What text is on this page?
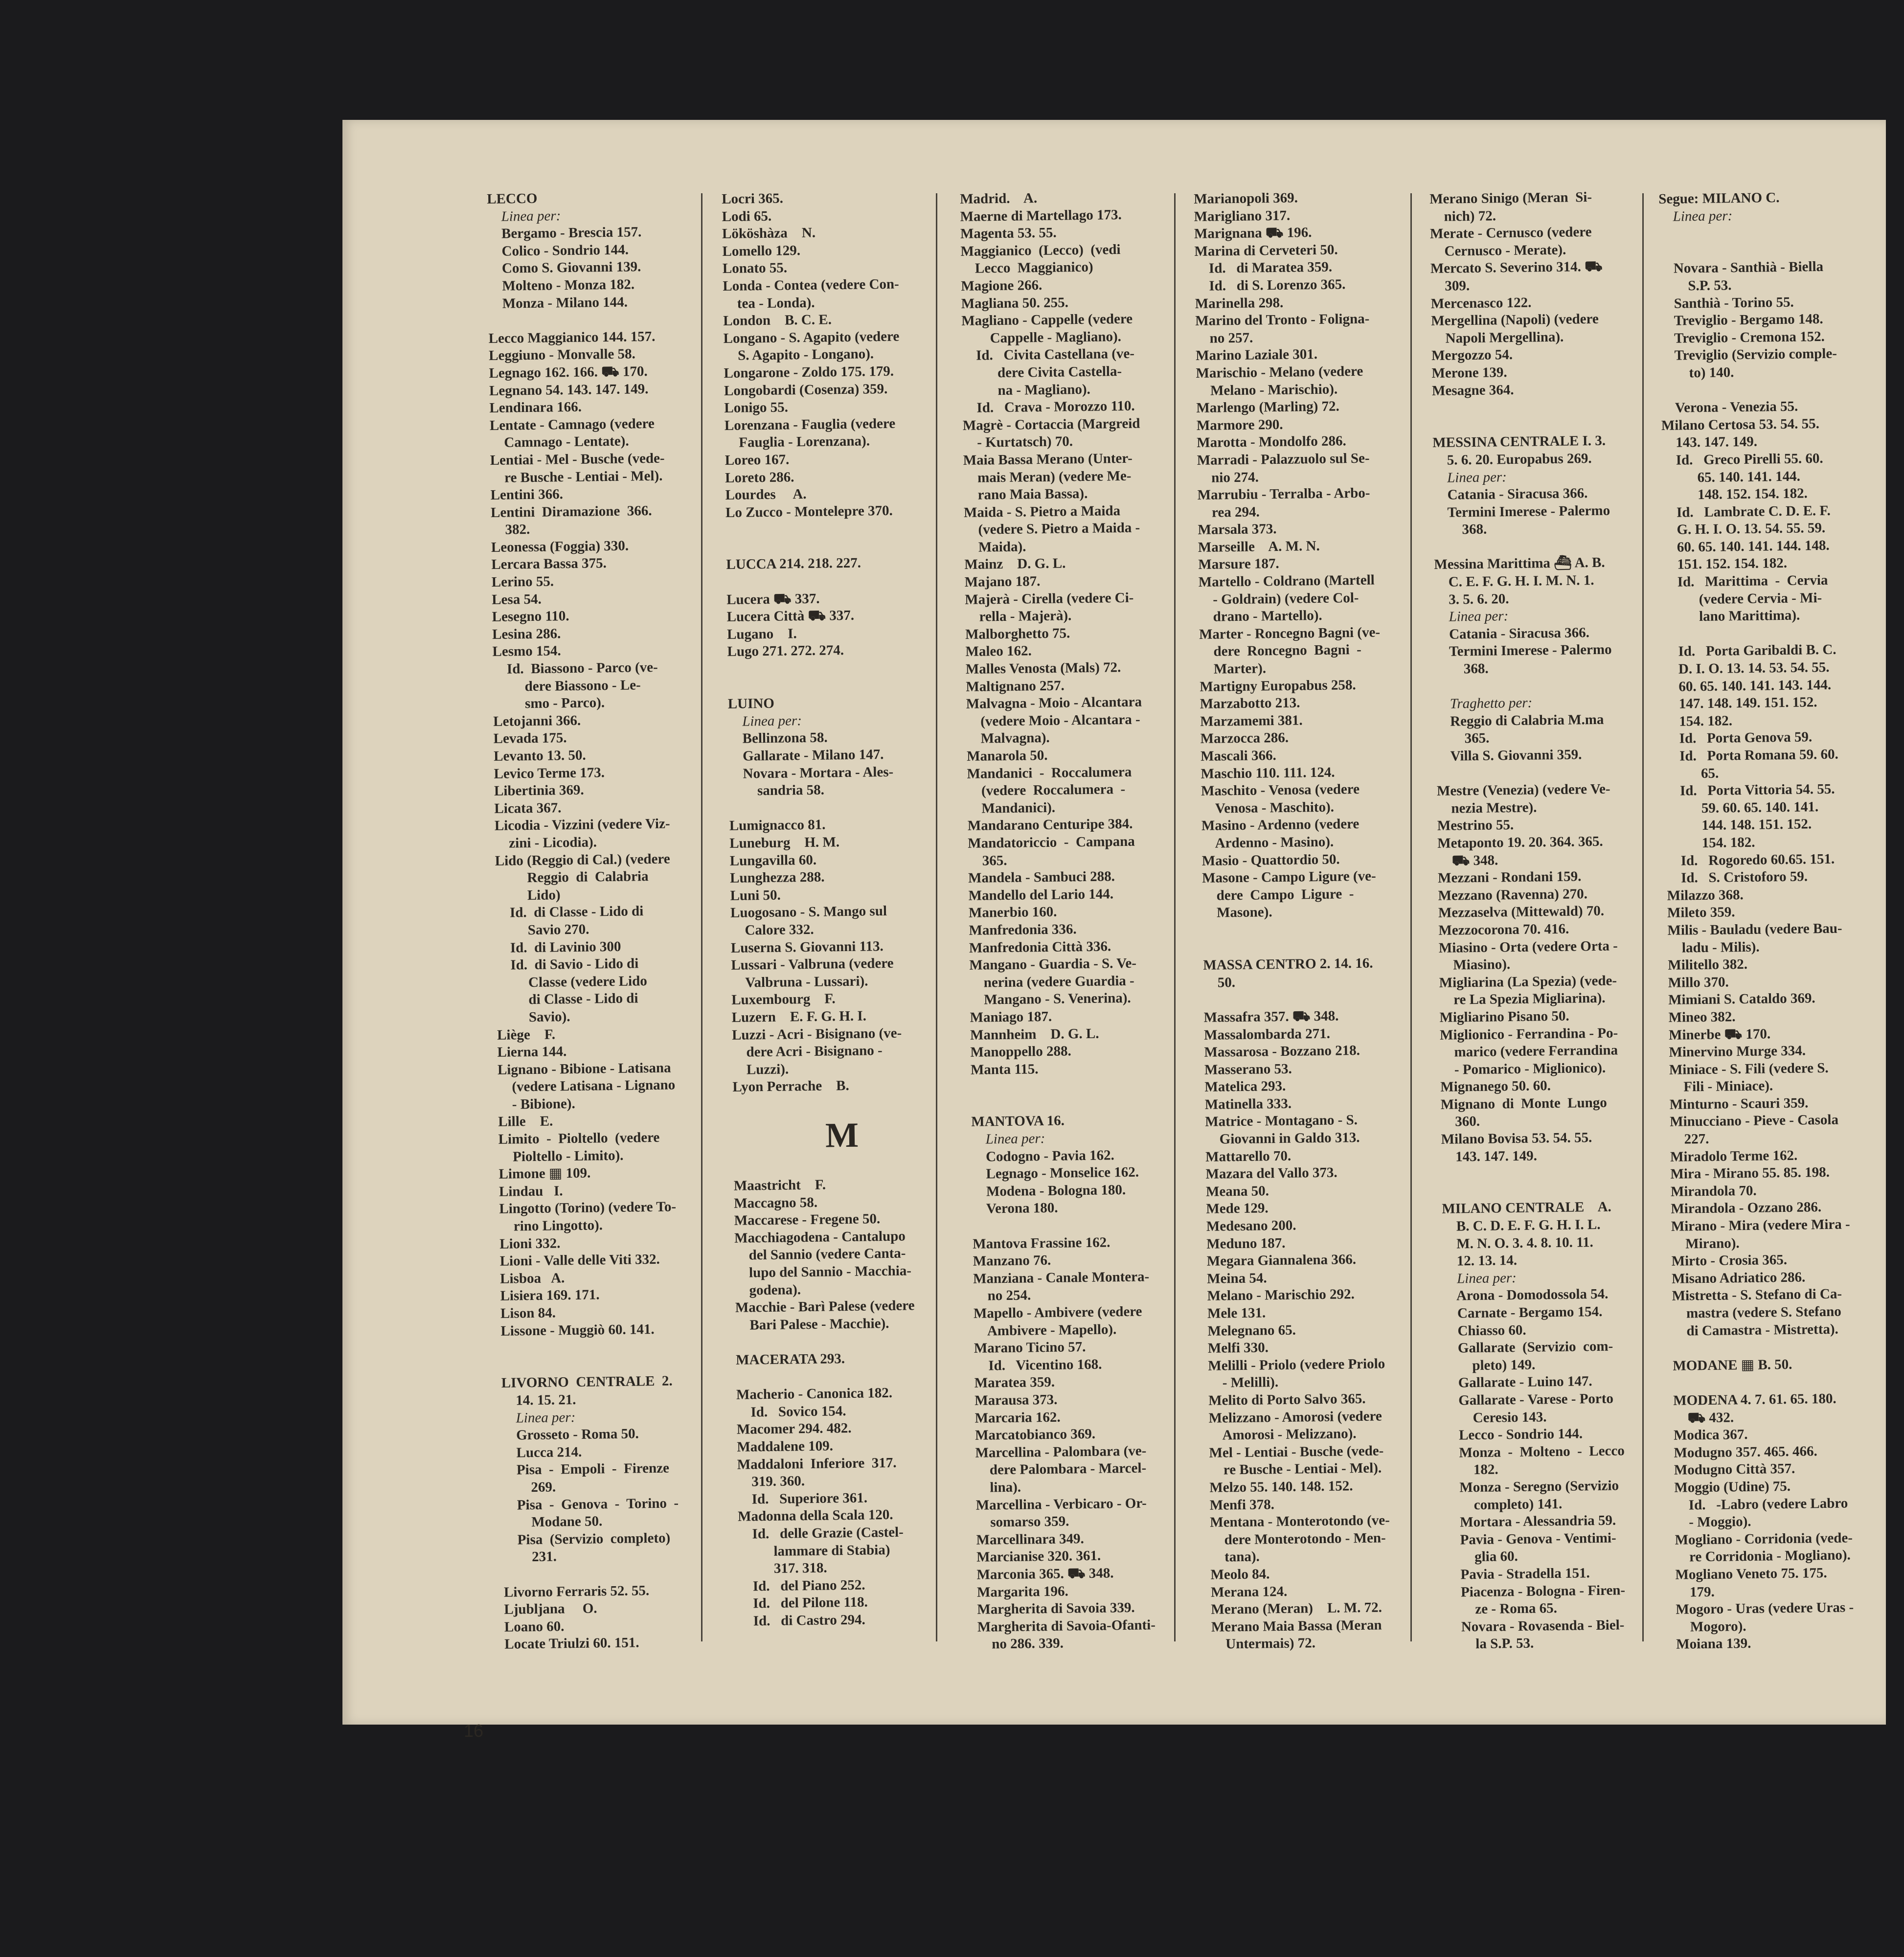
LECCO
Linea per:
Bergamo - Brescia 157.
Colico - Sondrio 144.
Como S. Giovanni 139.
Molteno - Monza 182.
Monza - Milano 144.
Lecco Maggianico 144. 157.
Leggiuno - Monvalle 58.
Legnago 162. 166. ⛟ 170.
Legnano 54. 143. 147. 149.
Lendinara 166.
Lentate - Camnago (vedere
Camnago - Lentate).
Lentiai - Mel - Busche (vede-
re Busche - Lentiai - Mel).
Lentini 366.
Lentini  Diramazione  366.
382.
Leonessa (Foggia) 330.
Lercara Bassa 375.
Lerino 55.
Lesa 54.
Lesegno 110.
Lesina 286.
Lesmo 154.
Id.  Biassono - Parco (ve-
dere Biassono - Le-
smo - Parco).
Letojanni 366.
Levada 175.
Levanto 13. 50.
Levico Terme 173.
Libertinia 369.
Licata 367.
Licodia - Vizzini (vedere Viz-
zini - Licodia).
Lido (Reggio di Cal.) (vedere
Reggio  di  Calabria
Lido)
Id.  di Classe - Lido di
Savio 270.
Id.  di Lavinio 300
Id.  di Savio - Lido di
Classe (vedere Lido
di Classe - Lido di
Savio).
Liège    F.
Lierna 144.
Lignano - Bibione - Latisana
(vedere Latisana - Lignano
- Bibione).
Lille    E.
Limito  -  Pioltello  (vedere
Pioltello - Limito).
Limone ▦ 109.
Lindau   I.
Lingotto (Torino) (vedere To-
rino Lingotto).
Lioni 332.
Lioni - Valle delle Viti 332.
Lisboa   A.
Lisiera 169. 171.
Lison 84.
Lissone - Muggiò 60. 141.
LIVORNO  CENTRALE  2.
14. 15. 21.
Linea per:
Grosseto - Roma 50.
Lucca 214.
Pisa  -  Empoli  -  Firenze
269.
Pisa  -  Genova  -  Torino  -
Modane 50.
Pisa  (Servizio  completo)
231.
Livorno Ferraris 52. 55.
Ljubljana     O.
Loano 60.
Locate Triulzi 60. 151.
Locri 365.
Lodi 65.
Lököshàza    N.
Lomello 129.
Lonato 55.
Londa - Contea (vedere Con-
tea - Londa).
London    B. C. E.
Longano - S. Agapito (vedere
S. Agapito - Longano).
Longarone - Zoldo 175. 179.
Longobardi (Cosenza) 359.
Lonigo 55.
Lorenzana - Fauglia (vedere
Fauglia - Lorenzana).
Loreo 167.
Loreto 286.
Lourdes     A.
Lo Zucco - Montelepre 370.
LUCCA 214. 218. 227.
Lucera ⛟ 337.
Lucera Città ⛟ 337.
Lugano    I.
Lugo 271. 272. 274.
LUINO
Linea per:
Bellinzona 58.
Gallarate - Milano 147.
Novara - Mortara - Ales-
sandria 58.
Lumignacco 81.
Luneburg    H. M.
Lungavilla 60.
Lunghezza 288.
Luni 50.
Luogosano - S. Mango sul
Calore 332.
Luserna S. Giovanni 113.
Lussari - Valbruna (vedere
Valbruna - Lussari).
Luxembourg    F.
Luzern    E. F. G. H. I.
Luzzi - Acri - Bisignano (ve-
dere Acri - Bisignano -
Luzzi).
Lyon Perrache    B.
M
Maastricht    F.
Maccagno 58.
Maccarese - Fregene 50.
Macchiagodena - Cantalupo
del Sannio (vedere Canta-
lupo del Sannio - Macchia-
godena).
Macchie - Barì Palese (vedere
Bari Palese - Macchie).
MACERATA 293.
Macherio - Canonica 182.
Id.   Sovico 154.
Macomer 294. 482.
Maddalene 109.
Maddaloni  Inferiore  317.
319. 360.
Id.   Superiore 361.
Madonna della Scala 120.
Id.   delle Grazie (Castel-
lammare di Stabia)
317. 318.
Id.   del Piano 252.
Id.   del Pilone 118.
Id.   di Castro 294.
Madrid.    A.
Maerne di Martellago 173.
Magenta 53. 55.
Maggianico  (Lecco)  (vedi
Lecco  Maggianico)
Magione 266.
Magliana 50. 255.
Magliano - Cappelle (vedere
Cappelle - Magliano).
Id.   Civita Castellana (ve-
dere Civita Castella-
na - Magliano).
Id.   Crava - Morozzo 110.
Magrè - Cortaccia (Margreid
- Kurtatsch) 70.
Maia Bassa Merano (Unter-
mais Meran) (vedere Me-
rano Maia Bassa).
Maida - S. Pietro a Maida
(vedere S. Pietro a Maida -
Maida).
Mainz    D. G. L.
Majano 187.
Majerà - Cirella (vedere Ci-
rella - Majerà).
Malborghetto 75.
Maleo 162.
Malles Venosta (Mals) 72.
Maltignano 257.
Malvagna - Moio - Alcantara
(vedere Moio - Alcantara -
Malvagna).
Manarola 50.
Mandanici  -  Roccalumera
(vedere  Roccalumera  -
Mandanici).
Mandarano Centuripe 384.
Mandatoriccio  -  Campana
365.
Mandela - Sambuci 288.
Mandello del Lario 144.
Manerbio 160.
Manfredonia 336.
Manfredonia Città 336.
Mangano - Guardia - S. Ve-
nerina (vedere Guardia -
Mangano - S. Venerina).
Maniago 187.
Mannheim    D. G. L.
Manoppello 288.
Manta 115.
MANTOVA 16.
Linea per:
Codogno - Pavia 162.
Legnago - Monselice 162.
Modena - Bologna 180.
Verona 180.
Mantova Frassine 162.
Manzano 76.
Manziana - Canale Montera-
no 254.
Mapello - Ambivere (vedere
Ambivere - Mapello).
Marano Ticino 57.
Id.   Vicentino 168.
Maratea 359.
Marausa 373.
Marcaria 162.
Marcatobianco 369.
Marcellina - Palombara (ve-
dere Palombara - Marcel-
lina).
Marcellina - Verbicaro - Or-
somarso 359.
Marcellinara 349.
Marcianise 320. 361.
Marconia 365. ⛟ 348.
Margarita 196.
Margherita di Savoia 339.
Margherita di Savoia-Ofanti-
no 286. 339.
Marianopoli 369.
Marigliano 317.
Marignana ⛟ 196.
Marina di Cerveteri 50.
Id.   di Maratea 359.
Id.   di S. Lorenzo 365.
Marinella 298.
Marino del Tronto - Foligna-
no 257.
Marino Laziale 301.
Marischio - Melano (vedere
Melano - Marischio).
Marlengo (Marling) 72.
Marmore 290.
Marotta - Mondolfo 286.
Marradi - Palazzuolo sul Se-
nio 274.
Marrubiu - Terralba - Arbo-
rea 294.
Marsala 373.
Marseille    A. M. N.
Marsure 187.
Martello - Coldrano (Martell
- Goldrain) (vedere Col-
drano - Martello).
Marter - Roncegno Bagni (ve-
dere  Roncegno  Bagni  -
Marter).
Martigny Europabus 258.
Marzabotto 213.
Marzamemi 381.
Marzocca 286.
Mascali 366.
Maschio 110. 111. 124.
Maschito - Venosa (vedere
Venosa - Maschito).
Masino - Ardenno (vedere
Ardenno - Masino).
Masio - Quattordio 50.
Masone - Campo Ligure (ve-
dere  Campo  Ligure  -
Masone).
MASSA CENTRO 2. 14. 16.
50.
Massafra 357. ⛟ 348.
Massalombarda 271.
Massarosa - Bozzano 218.
Masserano 53.
Matelica 293.
Matinella 333.
Matrice - Montagano - S.
Giovanni in Galdo 313.
Mattarello 70.
Mazara del Vallo 373.
Meana 50.
Mede 129.
Medesano 200.
Meduno 187.
Megara Giannalena 366.
Meina 54.
Melano - Marischio 292.
Mele 131.
Melegnano 65.
Melfi 330.
Melilli - Priolo (vedere Priolo
- Melilli).
Melito di Porto Salvo 365.
Melizzano - Amorosi (vedere
Amorosi - Melizzano).
Mel - Lentiai - Busche (vede-
re Busche - Lentiai - Mel).
Melzo 55. 140. 148. 152.
Menfi 378.
Mentana - Monterotondo (ve-
dere Monterotondo - Men-
tana).
Meolo 84.
Merana 124.
Merano (Meran)    L. M. 72.
Merano Maia Bassa (Meran
Untermais) 72.
Merano Sinigo (Meran  Si-
nich) 72.
Merate - Cernusco (vedere
Cernusco - Merate).
Mercato S. Severino 314. ⛟
309.
Mercenasco 122.
Mergellina (Napoli) (vedere
Napoli Mergellina).
Mergozzo 54.
Merone 139.
Mesagne 364.
MESSINA CENTRALE I. 3.
5. 6. 20. Europabus 269.
Linea per:
Catania - Siracusa 366.
Termini Imerese - Palermo
368.
Messina Marittima ⛴ A. B.
C. E. F. G. H. I. M. N. 1.
3. 5. 6. 20.
Linea per:
Catania - Siracusa 366.
Termini Imerese - Palermo
368.
Traghetto per:
Reggio di Calabria M.ma
365.
Villa S. Giovanni 359.
Mestre (Venezia) (vedere Ve-
nezia Mestre).
Mestrino 55.
Metaponto 19. 20. 364. 365.
⛟ 348.
Mezzani - Rondani 159.
Mezzano (Ravenna) 270.
Mezzaselva (Mittewald) 70.
Mezzocorona 70. 416.
Miasino - Orta (vedere Orta -
Miasino).
Migliarina (La Spezia) (vede-
re La Spezia Migliarina).
Migliarino Pisano 50.
Miglionico - Ferrandina - Po-
marico (vedere Ferrandina
- Pomarico - Miglionico).
Mignanego 50. 60.
Mignano  di  Monte  Lungo
360.
Milano Bovisa 53. 54. 55.
143. 147. 149.
MILANO CENTRALE    A.
B. C. D. E. F. G. H. I. L.
M. N. O. 3. 4. 8. 10. 11.
12. 13. 14.
Linea per:
Arona - Domodossola 54.
Carnate - Bergamo 154.
Chiasso 60.
Gallarate  (Servizio  com-
pleto) 149.
Gallarate - Luino 147.
Gallarate - Varese - Porto
Ceresio 143.
Lecco - Sondrio 144.
Monza  -  Molteno  -  Lecco
182.
Monza - Seregno (Servizio
completo) 141.
Mortara - Alessandria 59.
Pavia - Genova - Ventimi-
glia 60.
Pavia - Stradella 151.
Piacenza - Bologna - Firen-
ze - Roma 65.
Novara - Rovasenda - Biel-
la S.P. 53.
Segue: MILANO C.
Linea per:
Novara - Santhià - Biella
S.P. 53.
Santhià - Torino 55.
Treviglio - Bergamo 148.
Treviglio - Cremona 152.
Treviglio (Servizio comple-
to) 140.
Verona - Venezia 55.
Milano Certosa 53. 54. 55.
143. 147. 149.
Id.   Greco Pirelli 55. 60.
65. 140. 141. 144.
148. 152. 154. 182.
Id.   Lambrate C. D. E. F.
G. H. I. O. 13. 54. 55. 59.
60. 65. 140. 141. 144. 148.
151. 152. 154. 182.
Id.   Marittima  -  Cervia
(vedere Cervia - Mi-
lano Marittima).
Id.   Porta Garibaldi B. C.
D. I. O. 13. 14. 53. 54. 55.
60. 65. 140. 141. 143. 144.
147. 148. 149. 151. 152.
154. 182.
Id.   Porta Genova 59.
Id.   Porta Romana 59. 60.
65.
Id.   Porta Vittoria 54. 55.
59. 60. 65. 140. 141.
144. 148. 151. 152.
154. 182.
Id.   Rogoredo 60.65. 151.
Id.   S. Cristoforo 59.
Milazzo 368.
Mileto 359.
Milis - Bauladu (vedere Bau-
ladu - Milis).
Militello 382.
Millo 370.
Mimiani S. Cataldo 369.
Mineo 382.
Minerbe ⛟ 170.
Minervino Murge 334.
Miniace - S. Fili (vedere S.
Fili - Miniace).
Minturno - Scauri 359.
Minucciano - Pieve - Casola
227.
Miradolo Terme 162.
Mira - Mirano 55. 85. 198.
Mirandola 70.
Mirandola - Ozzano 286.
Mirano - Mira (vedere Mira -
Mirano).
Mirto - Crosia 365.
Misano Adriatico 286.
Mistretta - S. Stefano di Ca-
mastra (vedere S. Stefano
di Camastra - Mistretta).
MODANE ▦ B. 50.
MODENA 4. 7. 61. 65. 180.
⛟ 432.
Modica 367.
Modugno 357. 465. 466.
Modugno Città 357.
Moggio (Udine) 75.
Id.   -Labro (vedere Labro
- Moggio).
Mogliano - Corridonia (vede-
re Corridonia - Mogliano).
Mogliano Veneto 75. 175.
179.
Mogoro - Uras (vedere Uras -
Mogoro).
Moiana 139.
16
